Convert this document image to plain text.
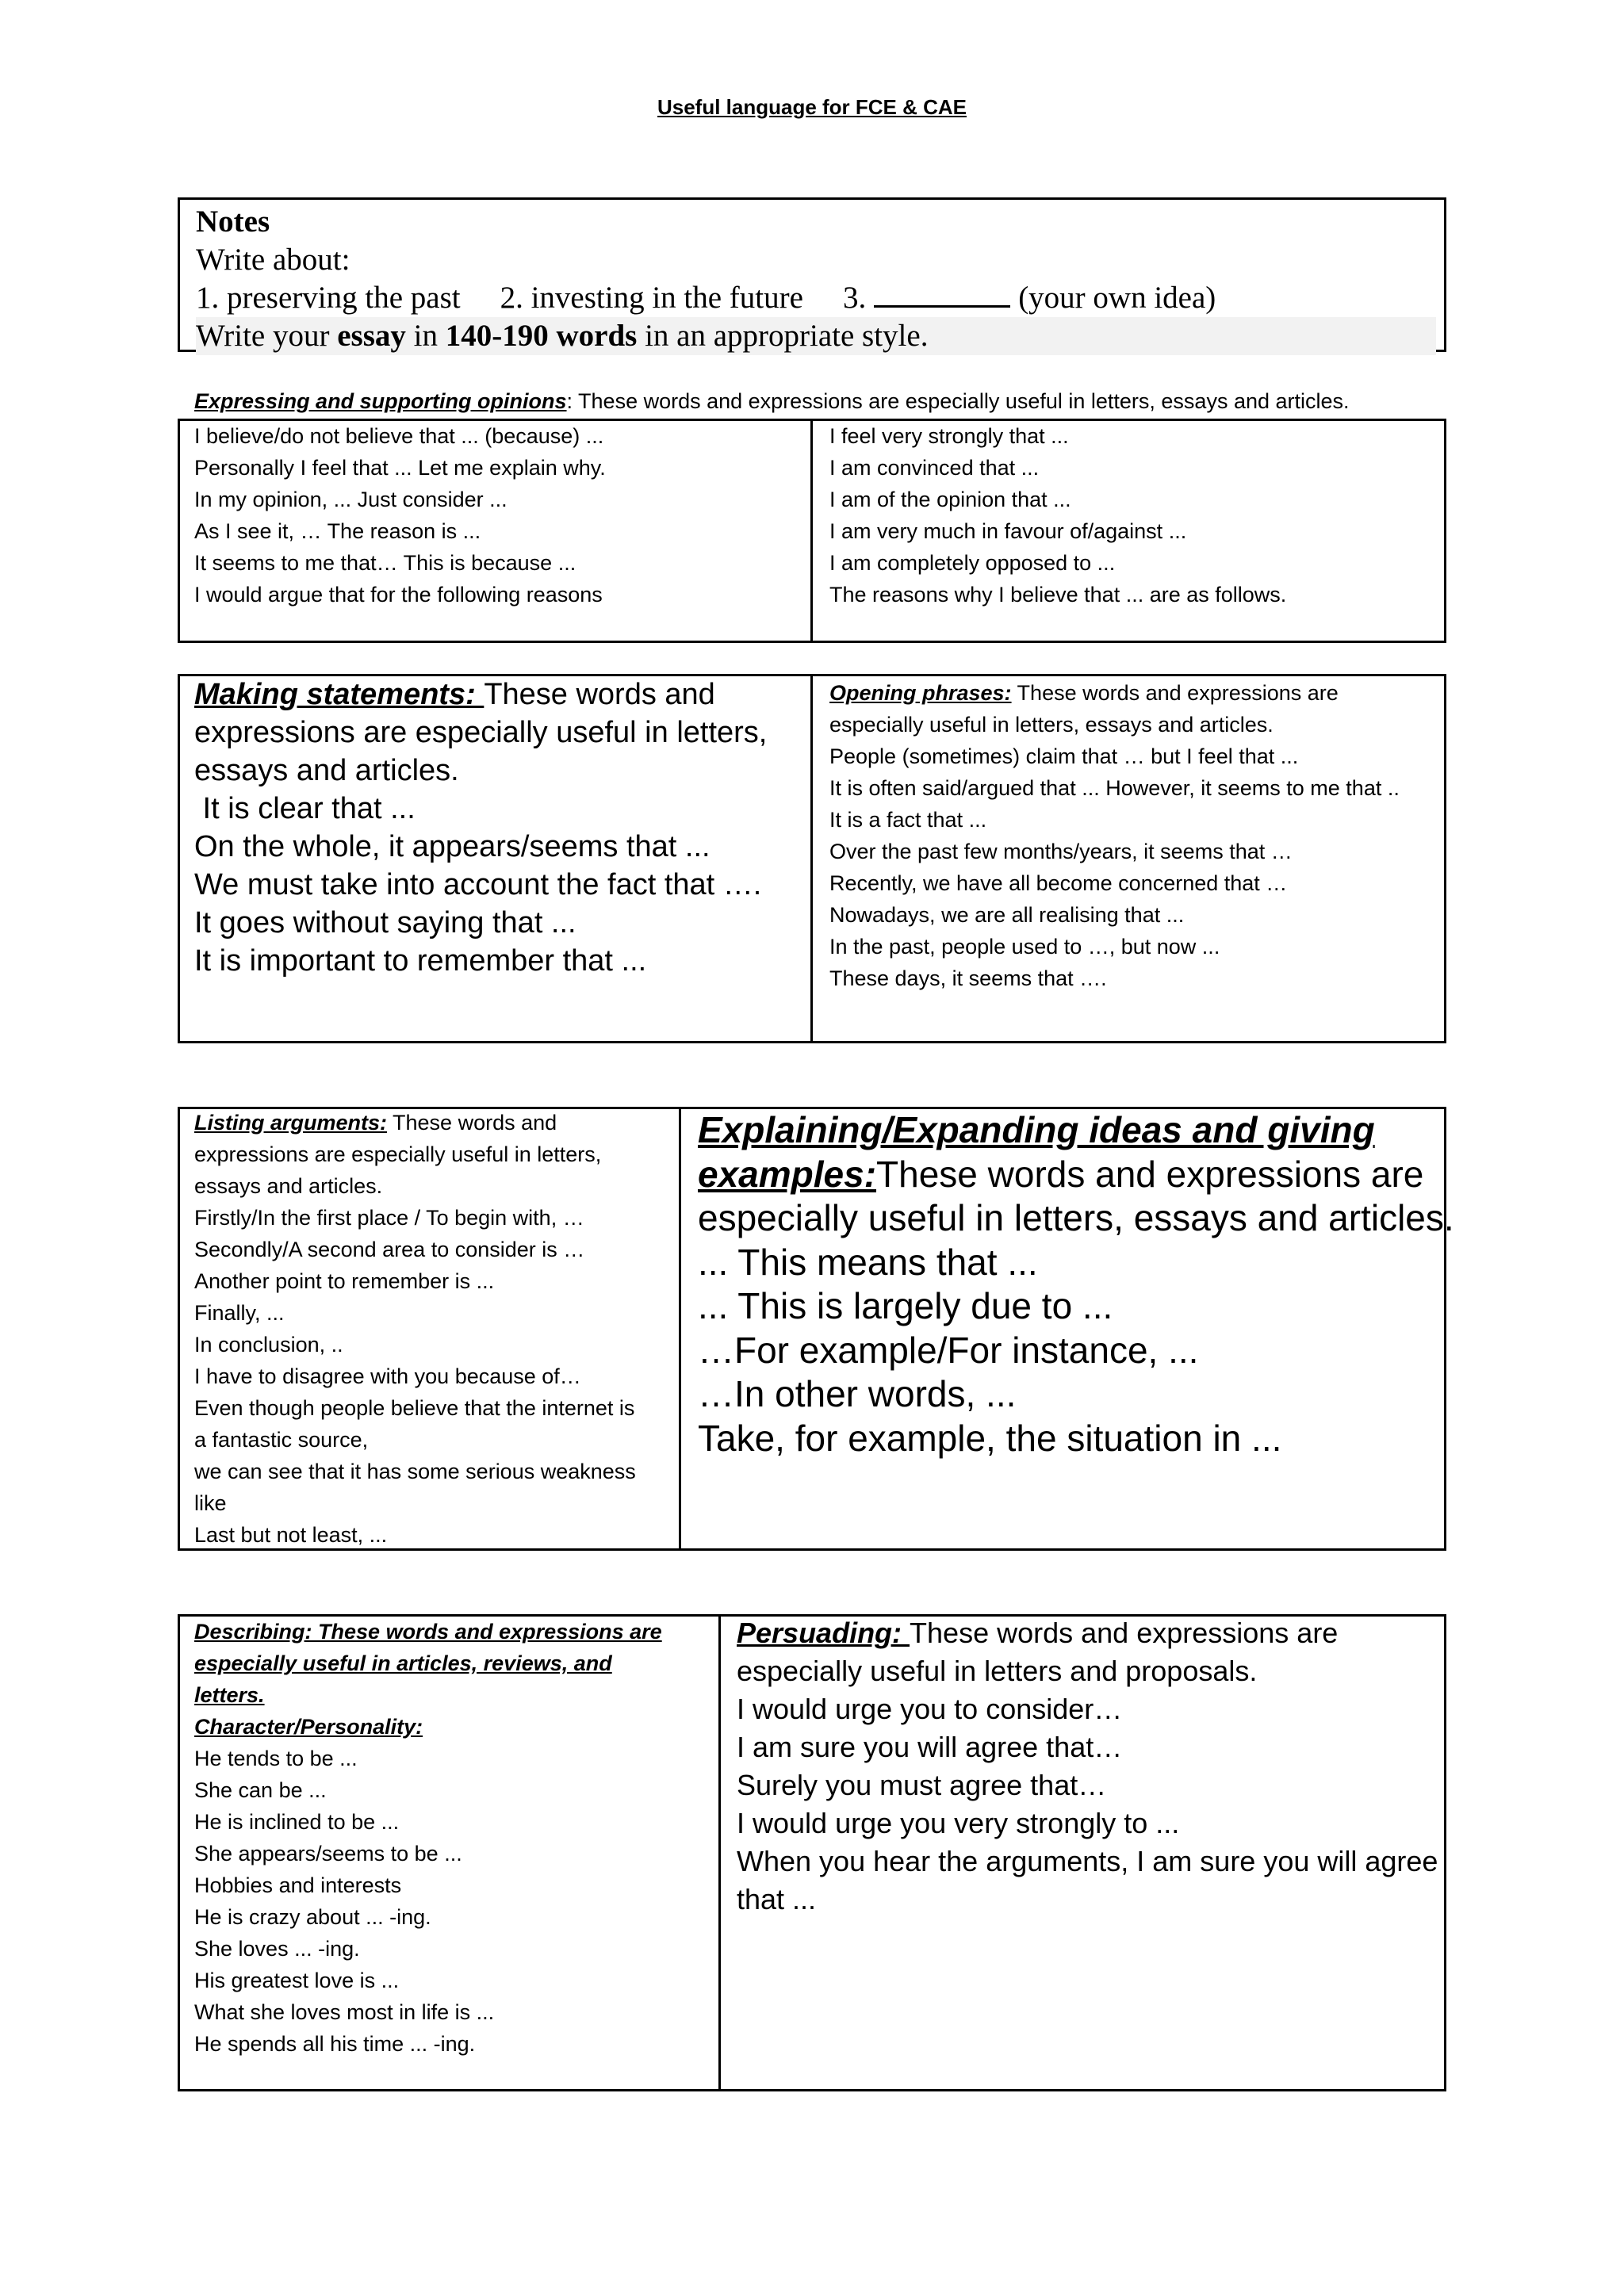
Useful language for FCE & CAE
Notes
Write about:
1. preserving the past 2. investing in the future 3.	(your own idea)
Write your essay in 140-190 words in an appropriate style.
Expressing and supporting opinions: These words and expressions are especially useful in letters, essays and articles.
I believe/do not believe that ... (because) ...
Personally I feel that ... Let me explain why.
In my opinion, ... Just consider ...
As I see it, … The reason is ...
It seems to me that… This is because ...
I would argue that for the following reasons
I feel very strongly that ...
I am convinced that ...
I am of the opinion that ...
I am very much in favour of/against ...
I am completely opposed to ...
The reasons why I believe that ... are as follows.
Making statements: These words and
expressions are especially useful in letters,
essays and articles.
It is clear that ...
On the whole, it appears/seems that ...
We must take into account the fact that ….
It goes without saying that ...
It is important to remember that ...
Opening phrases: These words and expressions are
especially useful in letters, essays and articles.
People (sometimes) claim that … but I feel that ...
It is often said/argued that ... However, it seems to me that ..
It is a fact that ...
Over the past few months/years, it seems that …
Recently, we have all become concerned that …
Nowadays, we are all realising that ...
In the past, people used to …, but now ...
These days, it seems that ….
Listing arguments: These words and
expressions are especially useful in letters,
essays and articles.
Firstly/In the first place / To begin with, …
Secondly/A second area to consider is …
Another point to remember is ...
Finally, ...
In conclusion, ..
I have to disagree with you because of…
Even though people believe that the internet is
a fantastic source,
we can see that it has some serious weakness
like
Last but not least, ...
Explaining/Expanding ideas and giving
examples:These words and expressions are
especially useful in letters, essays and articles.
... This means that ...
... This is largely due to ...
…For example/For instance, ...
…In other words, ...
Take, for example, the situation in ...
Describing: These words and expressions are
especially useful in articles, reviews, and
letters.
Character/Personality:
He tends to be ...
She can be ...
He is inclined to be ...
She appears/seems to be ...
Hobbies and interests
He is crazy about ... -ing.
She loves ... -ing.
His greatest love is ...
What she loves most in life is ...
He spends all his time ... -ing.
Persuading: These words and expressions are
especially useful in letters and proposals.
I would urge you to consider…
I am sure you will agree that…
Surely you must agree that…
I would urge you very strongly to ...
When you hear the arguments, I am sure you will agree
that ...
